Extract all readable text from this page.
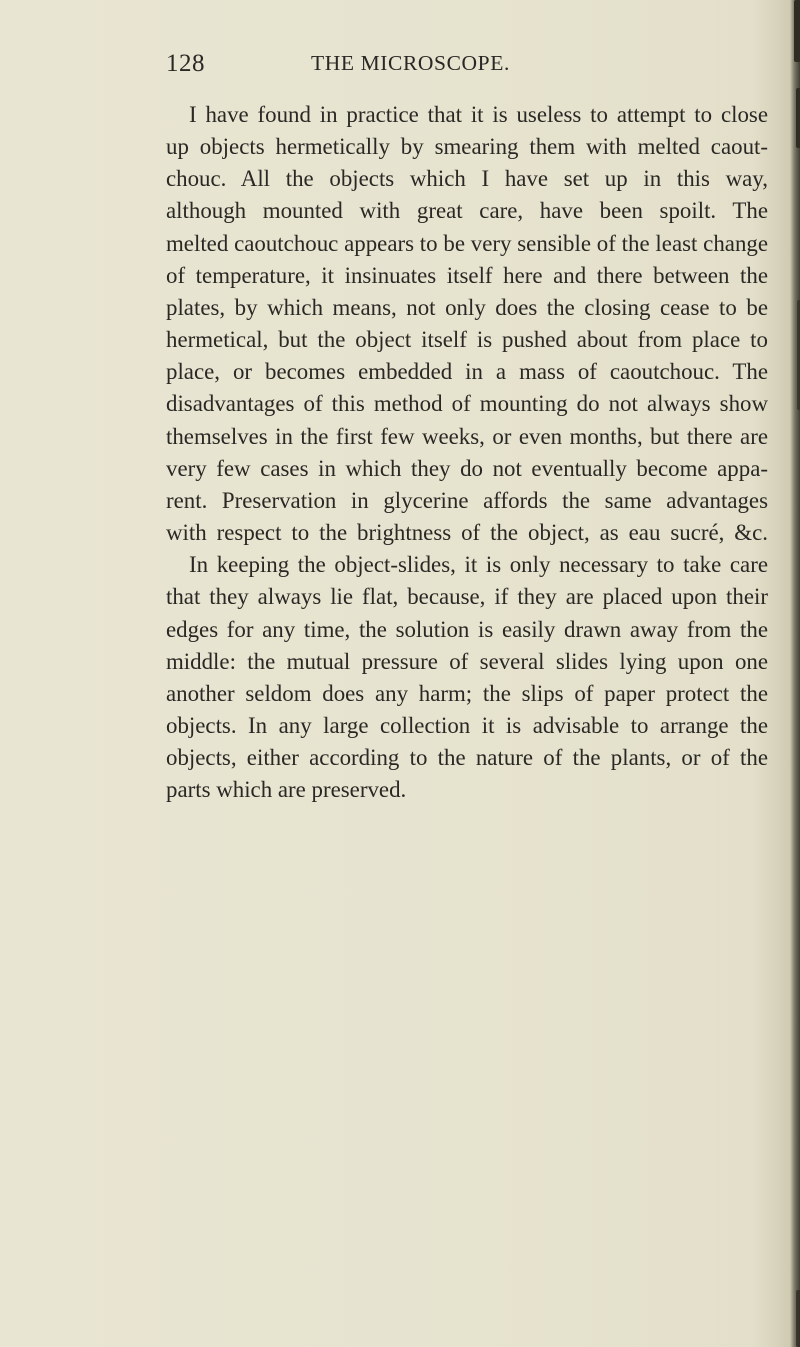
128	THE MICROSCOPE.
I have found in practice that it is useless to attempt to close
up objects hermetically by smearing them with melted caout-
chouc. All the objects which I have set up in this way,
although mounted with great care, have been spoilt. The
melted caoutchouc appears to be very sensible of the least change
of temperature, it insinuates itself here and there between the
plates, by which means, not only does the closing cease to be
hermetical, but the object itself is pushed about from place to
place, or becomes embedded in a mass of caoutchouc. The
disadvantages of this method of mounting do not always show
themselves in the first few weeks, or even months, but there are
very few cases in which they do not eventually become appa-
rent. Preservation in glycerine affords the same advantages
with respect to the brightness of the object, as eau sucré, &c.
In keeping the object-slides, it is only necessary to take care
that they always lie flat, because, if they are placed upon their
edges for any time, the solution is easily drawn away from the
middle: the mutual pressure of several slides lying upon one
another seldom does any harm; the slips of paper protect the
objects. In any large collection it is advisable to arrange the
objects, either according to the nature of the plants, or of the
parts which are preserved.
